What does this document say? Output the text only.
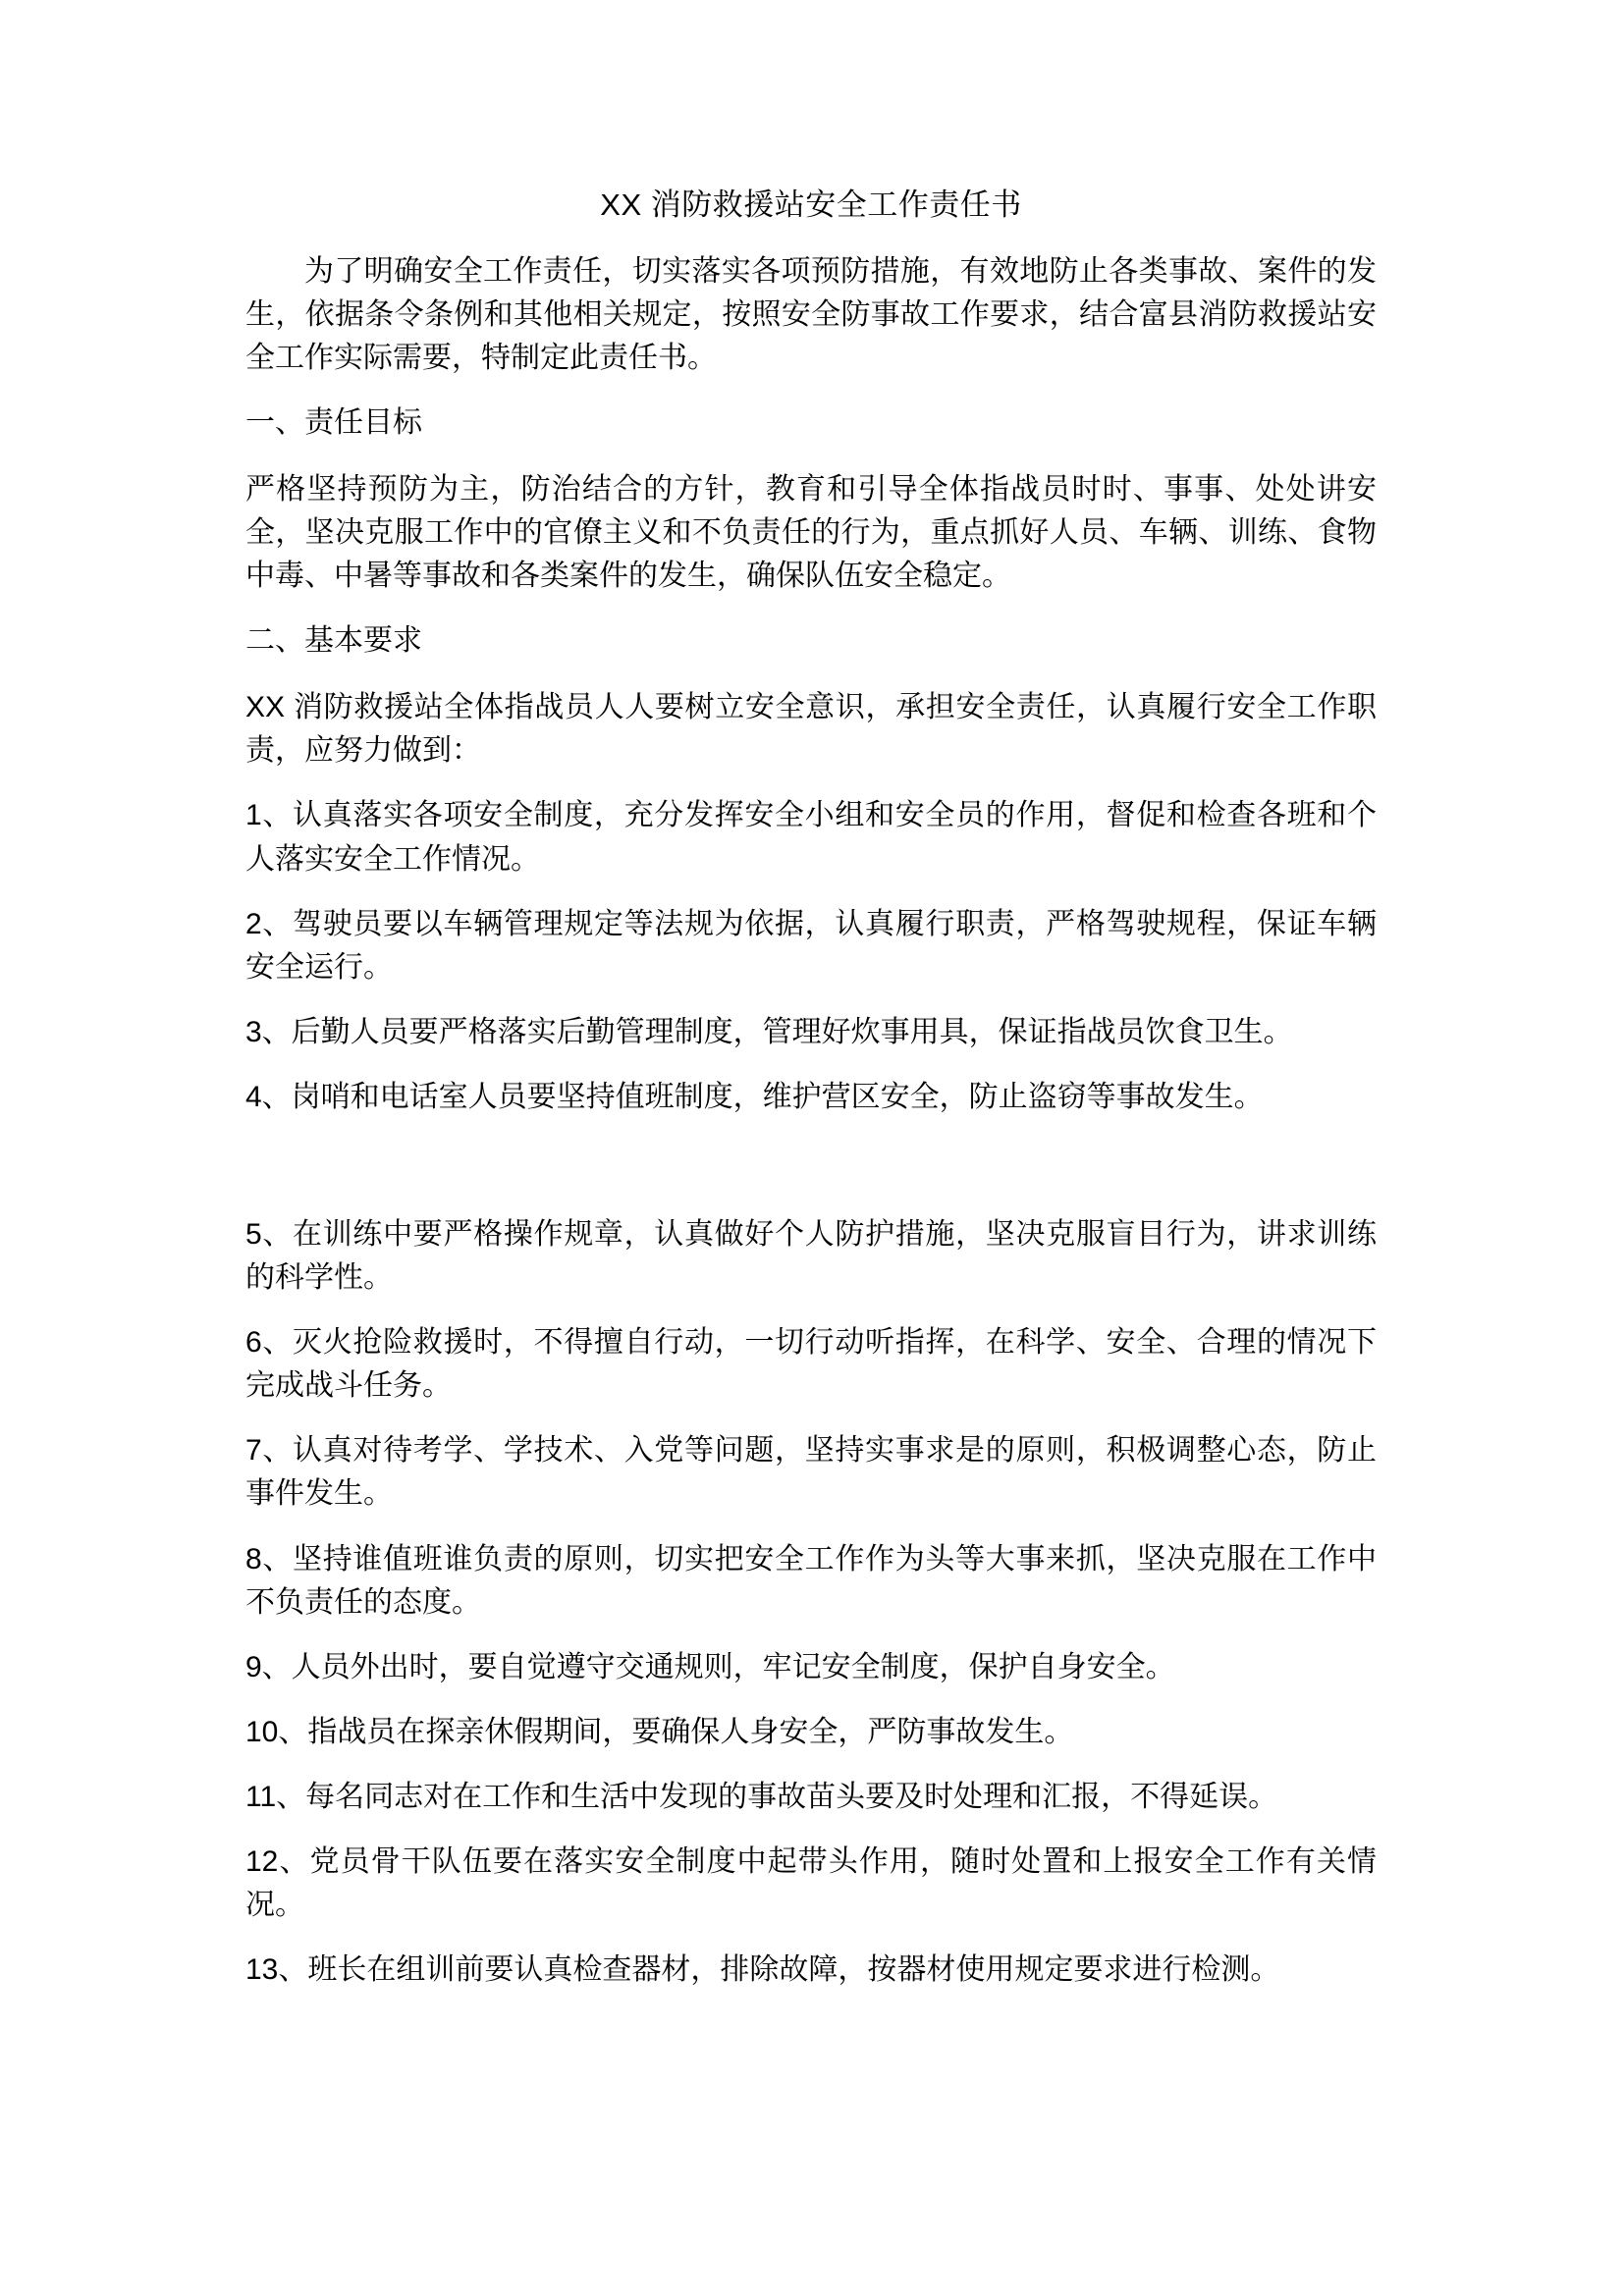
XX 消防救援站安全工作责任书

为了明确安全工作责任，切实落实各项预防措施，有效地防止各类事故、案件的发生，依据条令条例和其他相关规定，按照安全防事故工作要求，结合富县消防救援站安全工作实际需要，特制定此责任书。

一、责任目标

严格坚持预防为主，防治结合的方针，教育和引导全体指战员时时、事事、处处讲安全，坚决克服工作中的官僚主义和不负责任的行为，重点抓好人员、车辆、训练、食物中毒、中暑等事故和各类案件的发生，确保队伍安全稳定。

二、基本要求

XX 消防救援站全体指战员人人要树立安全意识，承担安全责任，认真履行安全工作职责，应努力做到：

1、认真落实各项安全制度，充分发挥安全小组和安全员的作用，督促和检查各班和个人落实安全工作情况。

2、驾驶员要以车辆管理规定等法规为依据，认真履行职责，严格驾驶规程，保证车辆安全运行。

3、后勤人员要严格落实后勤管理制度，管理好炊事用具，保证指战员饮食卫生。

4、岗哨和电话室人员要坚持值班制度，维护营区安全，防止盗窃等事故发生。

5、在训练中要严格操作规章，认真做好个人防护措施，坚决克服盲目行为，讲求训练的科学性。

6、灭火抢险救援时，不得擅自行动，一切行动听指挥，在科学、安全、合理的情况下完成战斗任务。

7、认真对待考学、学技术、入党等问题，坚持实事求是的原则，积极调整心态，防止事件发生。

8、坚持谁值班谁负责的原则，切实把安全工作作为头等大事来抓，坚决克服在工作中不负责任的态度。

9、人员外出时，要自觉遵守交通规则，牢记安全制度，保护自身安全。

10、指战员在探亲休假期间，要确保人身安全，严防事故发生。

11、每名同志对在工作和生活中发现的事故苗头要及时处理和汇报，不得延误。

12、党员骨干队伍要在落实安全制度中起带头作用，随时处置和上报安全工作有关情况。

13、班长在组训前要认真检查器材，排除故障，按器材使用规定要求进行检测。
